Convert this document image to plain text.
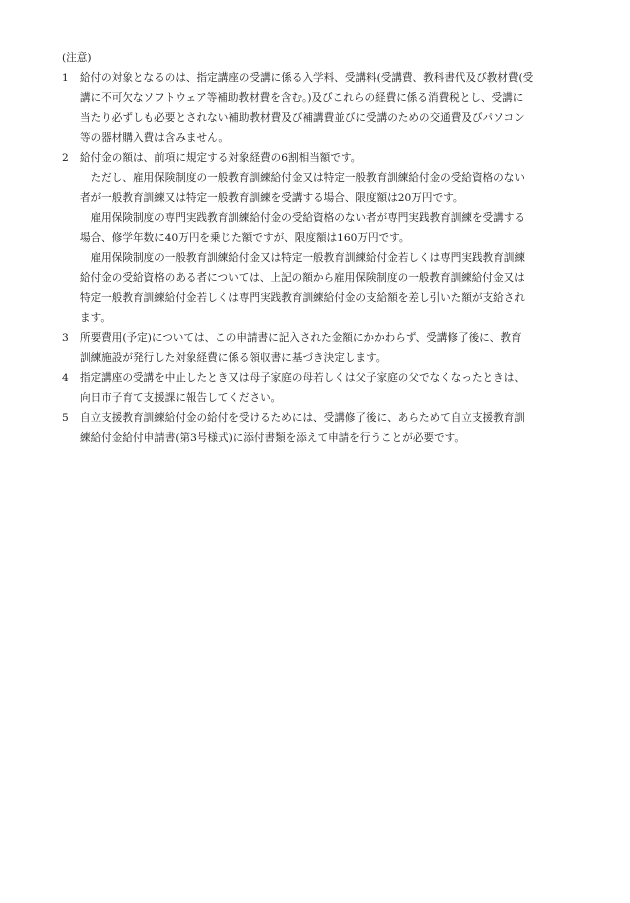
(注意)

1 給付の対象となるのは、指定講座の受講に係る入学料、受講料(受講費、教科書代及び教材費(受
講に不可欠なソフトウェア等補助教材費を含む。)及びこれらの経費に係る消費税とし、受講に
当たり必ずしも必要とされない補助教材費及び補講費並びに受講のための交通費及びパソコン
等の器材購入費は含みません。
2 給付金の額は、前項に規定する対象経費の6割相当額です。
ただし、雇用保険制度の一般教育訓練給付金又は特定一般教育訓練給付金の受給資格のない
者が一般教育訓練又は特定一般教育訓練を受講する場合、限度額は20万円です。
雇用保険制度の専門実践教育訓練給付金の受給資格のない者が専門実践教育訓練を受講する
場合、修学年数に40万円を乗じた額ですが、限度額は160万円です。
雇用保険制度の一般教育訓練給付金又は特定一般教育訓練給付金若しくは専門実践教育訓練
給付金の受給資格のある者については、上記の額から雇用保険制度の一般教育訓練給付金又は
特定一般教育訓練給付金若しくは専門実践教育訓練給付金の支給額を差し引いた額が支給され
ます。
3 所要費用(予定)については、この申請書に記入された金額にかかわらず、受講修了後に、教育
訓練施設が発行した対象経費に係る領収書に基づき決定します。
4 指定講座の受講を中止したとき又は母子家庭の母若しくは父子家庭の父でなくなったときは、
向日市子育て支援課に報告してください。
5 自立支援教育訓練給付金の給付を受けるためには、受講修了後に、あらためて自立支援教育訓
練給付金給付申請書(第3号様式)に添付書類を添えて申請を行うことが必要です。
